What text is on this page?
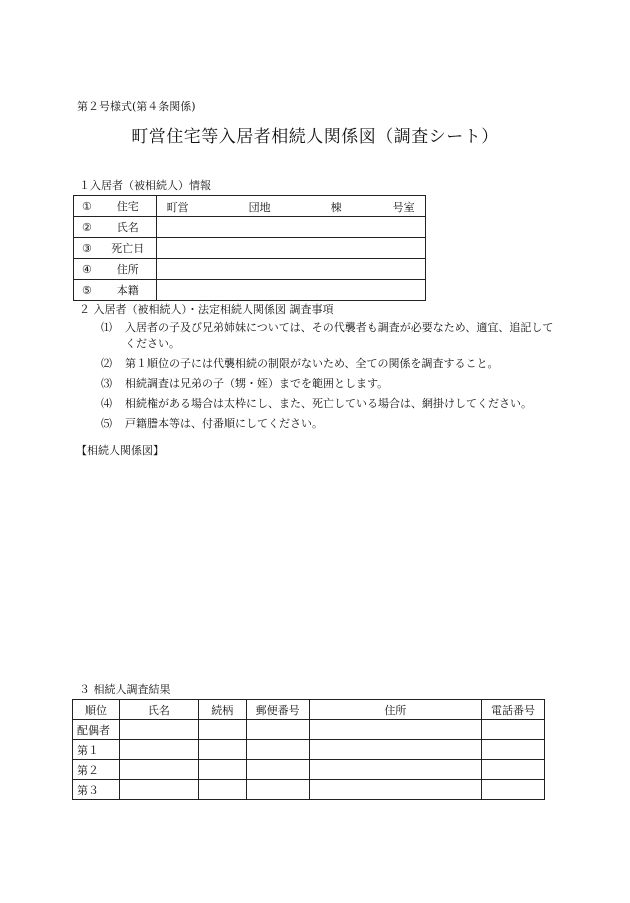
第２号様式(第４条関係)
町営住宅等入居者相続人関係図（調査シート）
１入居者（被相続人）情報
①	住宅	町営 団地 棟 号室

②	氏名	
③	死亡日	
④	住所	
⑤	本籍	
２ 入居者（被相続人）・法定相続人関係図 調査事項
⑴	入居者の子及び兄弟姉妹については、その代襲者も調査が必要なため、適宜、追記してください。
⑵	第１順位の子には代襲相続の制限がないため、全ての関係を調査すること。
⑶	相続調査は兄弟の子（甥・姪）までを範囲とします。
⑷	相続権がある場合は太枠にし、また、死亡している場合は、網掛けしてください。
⑸	戸籍謄本等は、付番順にしてください。
【相続人関係図】
３ 相続人調査結果
順位	氏名	続柄	郵便番号	住所	電話番号
配偶者					
第１					
第２					
第３					
